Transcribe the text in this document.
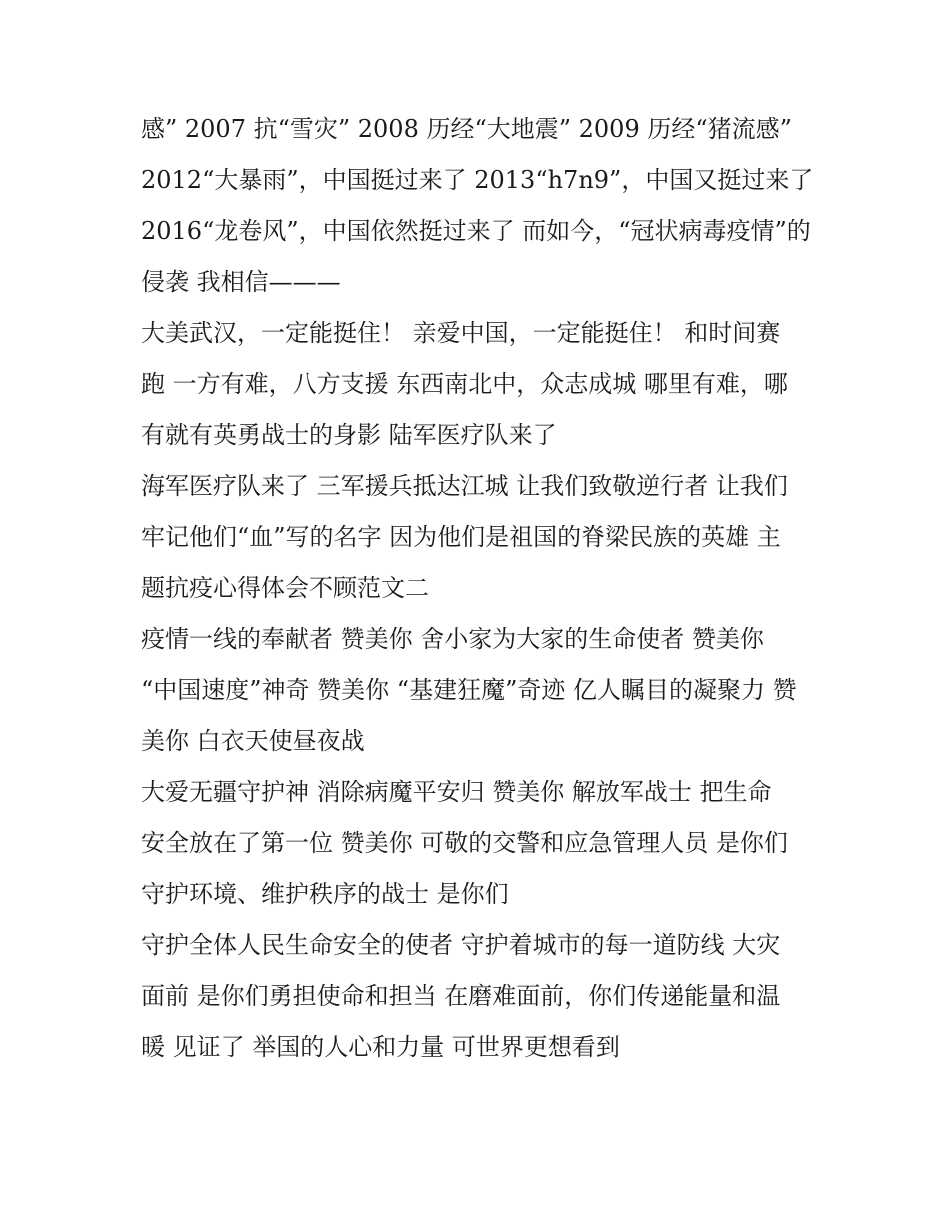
感” 2007 抗“雪灾” 2008 历经“大地震” 2009 历经“猪流感”
2012“大暴雨”，中国挺过来了 2013“h7n9”，中国又挺过来了
2016“龙卷风”，中国依然挺过来了 而如今，“冠状病毒疫情”的
侵袭 我相信———
大美武汉，一定能挺住！ 亲爱中国，一定能挺住！ 和时间赛
跑 一方有难，八方支援 东西南北中，众志成城 哪里有难，哪
有就有英勇战士的身影 陆军医疗队来了
海军医疗队来了 三军援兵抵达江城 让我们致敬逆行者 让我们
牢记他们“血”写的名字 因为他们是祖国的脊梁民族的英雄 主
题抗疫心得体会不顾范文二
疫情一线的奉献者 赞美你 舍小家为大家的生命使者 赞美你
“中国速度”神奇 赞美你 “基建狂魔”奇迹 亿人瞩目的凝聚力 赞
美你 白衣天使昼夜战
大爱无疆守护神 消除病魔平安归 赞美你 解放军战士 把生命
安全放在了第一位 赞美你 可敬的交警和应急管理人员 是你们
守护环境、维护秩序的战士 是你们
守护全体人民生命安全的使者 守护着城市的每一道防线 大灾
面前 是你们勇担使命和担当 在磨难面前，你们传递能量和温
暖 见证了 举国的人心和力量 可世界更想看到
